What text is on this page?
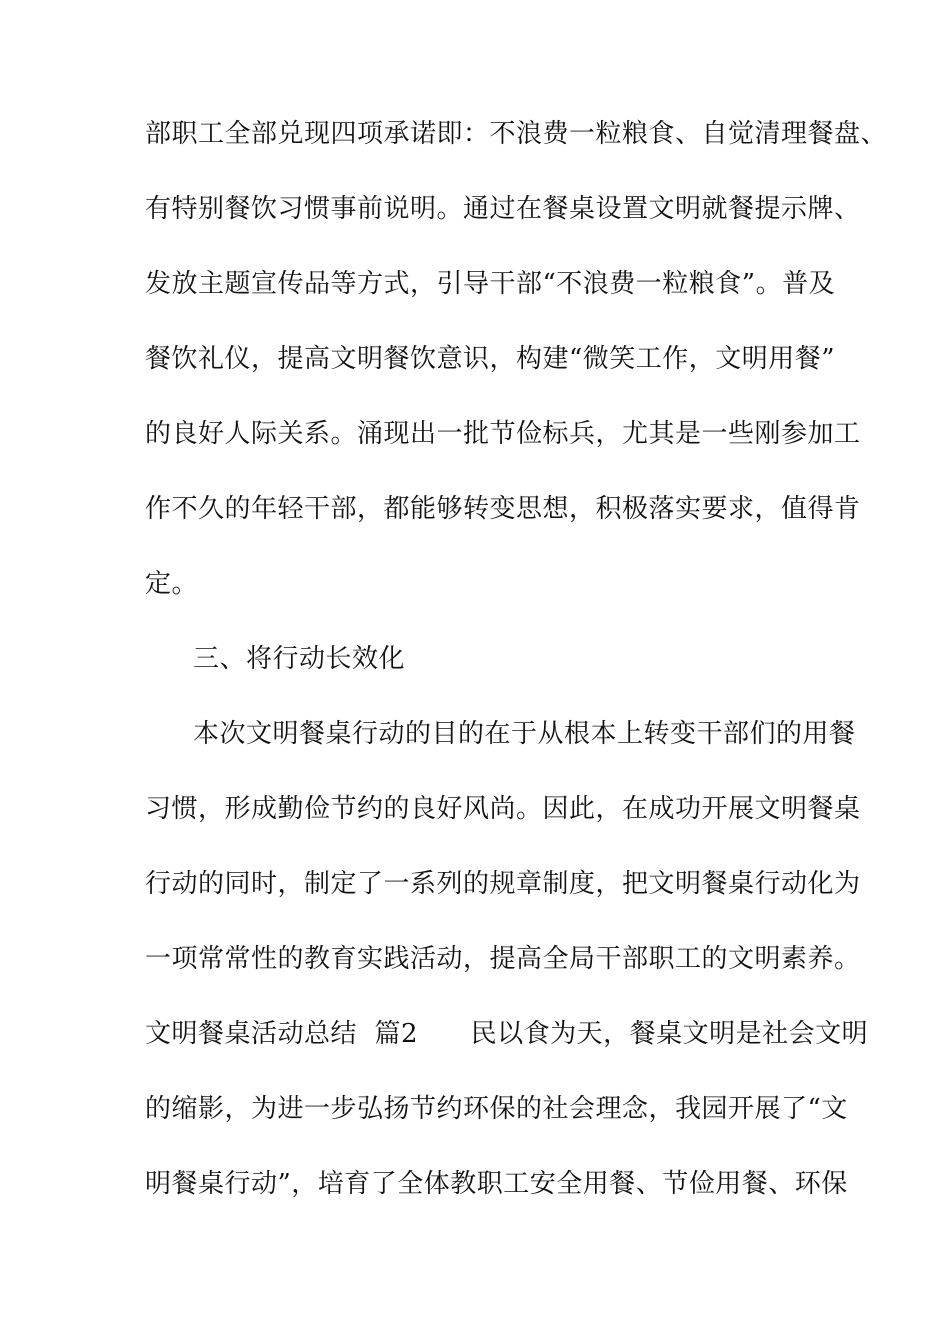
部职工全部兑现四项承诺即：不浪费一粒粮食、自觉清理餐盘、
有特别餐饮习惯事前说明。通过在餐桌设置文明就餐提示牌、
发放主题宣传品等方式，引导干部“不浪费一粒粮食”。普及
餐饮礼仪，提高文明餐饮意识，构建“微笑工作，文明用餐”
的良好人际关系。涌现出一批节俭标兵，尤其是一些刚参加工
作不久的年轻干部，都能够转变思想，积极落实要求，值得肯
定。
三、将行动长效化
本次文明餐桌行动的目的在于从根本上转变干部们的用餐
习惯，形成勤俭节约的良好风尚。因此，在成功开展文明餐桌
行动的同时，制定了一系列的规章制度，把文明餐桌行动化为
一项常常性的教育实践活动，提高全局干部职工的文明素养。
文明餐桌活动总结  篇2      民以食为天，餐桌文明是社会文明
的缩影，为进一步弘扬节约环保的社会理念，我园开展了“文
明餐桌行动”，培育了全体教职工安全用餐、节俭用餐、环保
